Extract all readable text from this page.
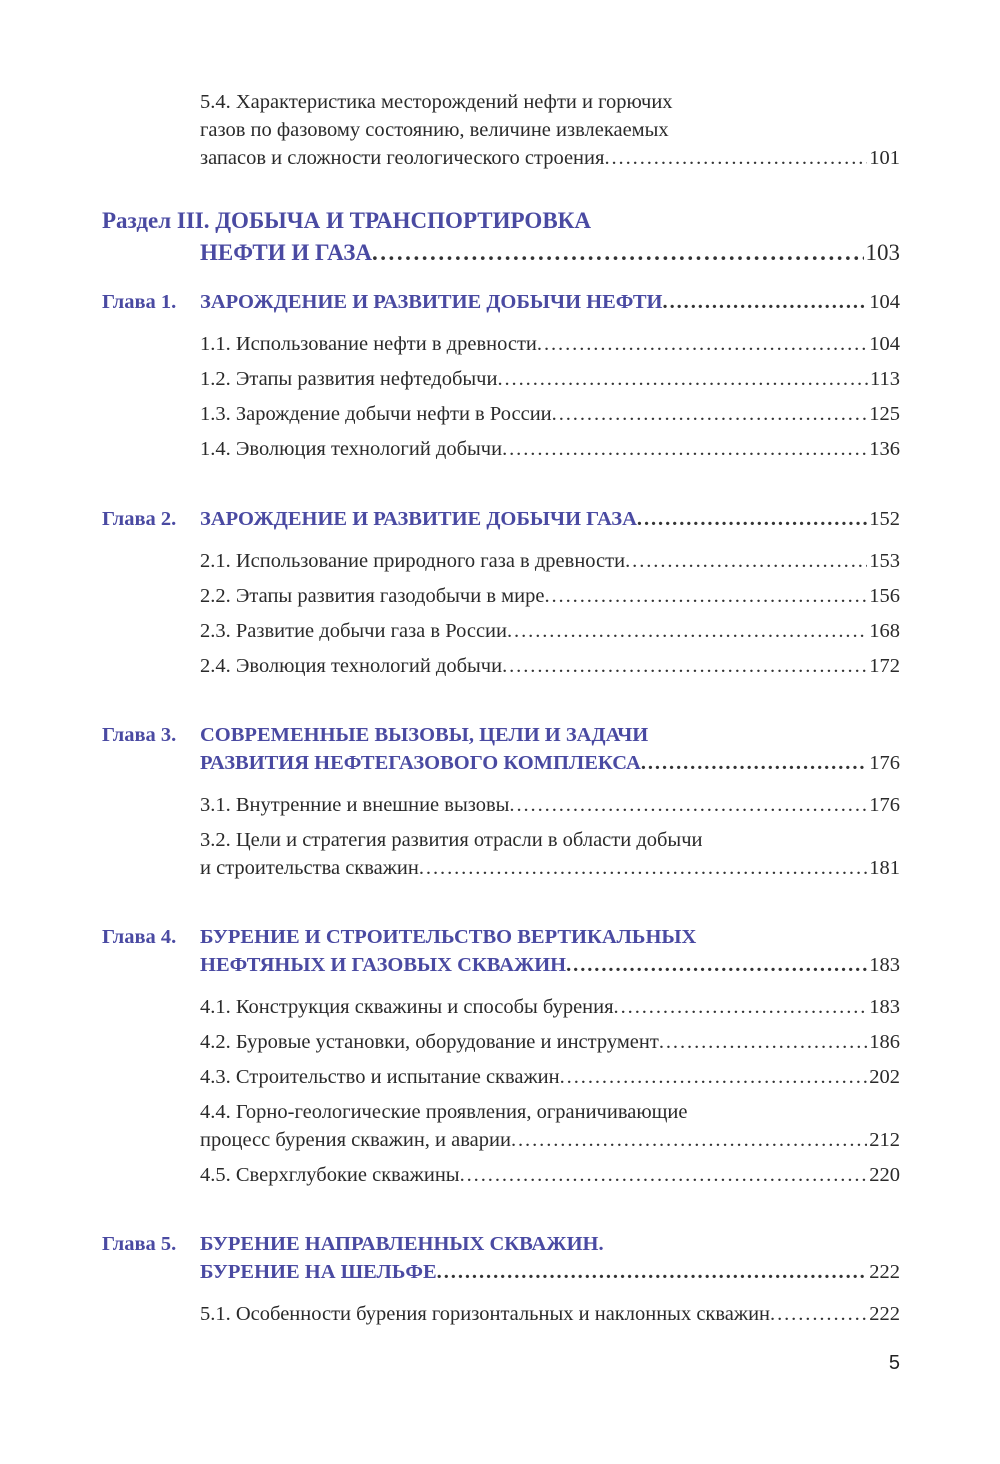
5.4. Характеристика месторождений нефти и горючих
газов по фазовому состоянию, величине извлекаемых
запасов и сложности геологического строения . . .	101
Раздел III. ДОБЫЧА И ТРАНСПОРТИРОВКА
НЕФТИ И ГАЗА . . .	103
Глава 1. ЗАРОЖДЕНИЕ И РАЗВИТИЕ ДОБЫЧИ НЕФТИ . . .	104
1.1. Использование нефти в древности . . .	104
1.2. Этапы развития нефтедобычи . . .	113
1.3. Зарождение добычи нефти в России . . .	125
1.4. Эволюция технологий добычи . . .	136
Глава 2. ЗАРОЖДЕНИЕ И РАЗВИТИЕ ДОБЫЧИ ГАЗА . . .	152
2.1. Использование природного газа в древности . . .	153
2.2. Этапы развития газодобычи в мире . . .	156
2.3. Развитие добычи газа в России . . .	168
2.4. Эволюция технологий добычи . . .	172
Глава 3. СОВРЕМЕННЫЕ ВЫЗОВЫ, ЦЕЛИ И ЗАДАЧИ
РАЗВИТИЯ НЕФТЕГАЗОВОГО КОМПЛЕКСА . . .	176
3.1. Внутренние и внешние вызовы . . .	176
3.2. Цели и стратегия развития отрасли в области добычи
и строительства скважин . . .	181
Глава 4. БУРЕНИЕ И СТРОИТЕЛЬСТВО ВЕРТИКАЛЬНЫХ
НЕФТЯНЫХ И ГАЗОВЫХ СКВАЖИН . . .	183
4.1. Конструкция скважины и способы бурения . . .	183
4.2. Буровые установки, оборудование и инструмент . . .	186
4.3. Строительство и испытание скважин . . .	202
4.4. Горно-геологические проявления, ограничивающие
процесс бурения скважин, и аварии . . .	212
4.5. Сверхглубокие скважины . . .	220
Глава 5. БУРЕНИЕ НАПРАВЛЕННЫХ СКВАЖИН.
БУРЕНИЕ НА ШЕЛЬФЕ . . .	222
5.1. Особенности бурения горизонтальных и наклонных скважин . . .	222
5
